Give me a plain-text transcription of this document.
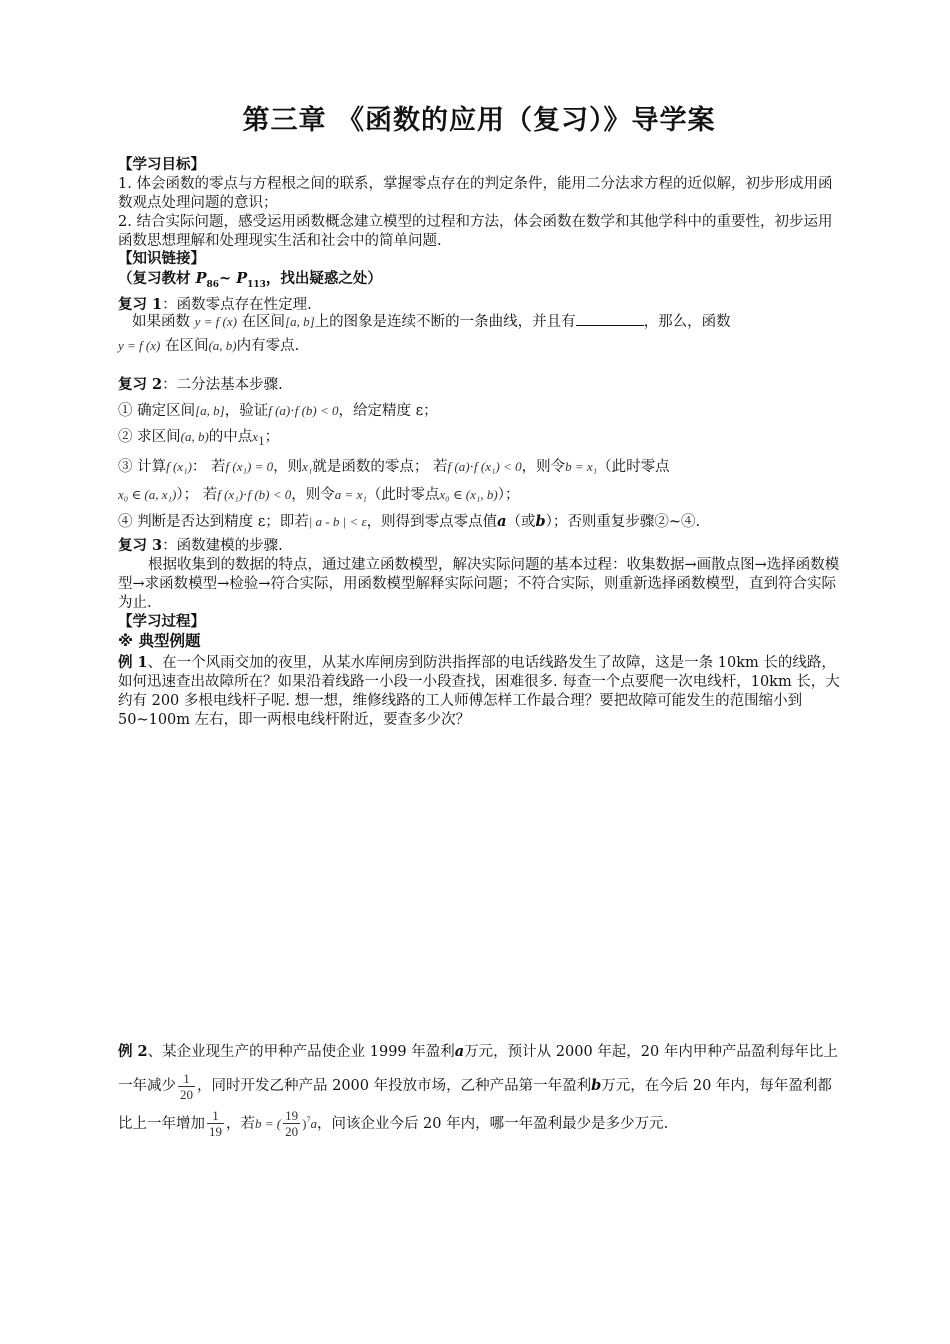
第三章 《函数的应用（复习）》导学案
【学习目标】
1. 体会函数的零点与方程根之间的联系，掌握零点存在的判定条件，能用二分法求方程的近似解，初步形成用函数观点处理问题的意识；
2. 结合实际问题，感受运用函数概念建立模型的过程和方法，体会函数在数学和其他学科中的重要性，初步运用函数思想理解和处理现实生活和社会中的简单问题.
【知识链接】
（复习教材 $P_{86}\sim$ $P_{113}$，找出疑惑之处）
复习 1：函数零点存在性定理.
如果函数 y = f (x) 在区间[a, b]上的图象是连续不断的一条曲线，并且有	，那么，函数
y = f (x) 在区间(a, b)内有零点.
复习 2：二分法基本步骤.
① 确定区间[a, b]，验证f (a)⋅f (b) < 0，给定精度 ε；
② 求区间(a, b)的中点$x_1$；
③ 计算f (x₁)： 若f (x₁) = 0，则x₁就是函数的零点； 若f (a)⋅f (x₁) < 0，则令b = x₁（此时零点
x₀ ∈ (a, x₁)）； 若f (x₁)⋅f (b) < 0，则令a = x₁（此时零点x₀ ∈ (x₁, b)）；
④ 判断是否达到精度 ε；即若| a - b | < ε，则得到零点零点值a（或b）；否则重复步骤②~④.
复习 3：函数建模的步骤.
根据收集到的数据的特点，通过建立函数模型，解决实际问题的基本过程：收集数据→画散点图→选择函数模型→求函数模型→检验→符合实际，用函数模型解释实际问题；不符合实际，则重新选择函数模型，直到符合实际为止.
【学习过程】
※ 典型例题
例 1、在一个风雨交加的夜里，从某水库闸房到防洪指挥部的电话线路发生了故障，这是一条 10km 长的线路，如何迅速查出故障所在？如果沿着线路一小段一小段查找，困难很多. 每查一个点要爬一次电线杆，10km 长，大约有 200 多根电线杆子呢. 想一想，维修线路的工人师傅怎样工作最合理？要把故障可能发生的范围缩小到 50~100m 左右，即一两根电线杆附近，要查多少次？
例 2、某企业现生产的甲种产品使企业 1999 年盈利a万元，预计从 2000 年起，20 年内甲种产品盈利每年比上一年减少 $\frac{1}{20}$ ，同时开发乙种产品 2000 年投放市场，乙种产品第一年盈利b万元，在今后 20 年内，每年盈利都比上一年增加 $\frac{1}{19}$ ，若b = ( $\frac{19}{20} )^7a$，问该企业今后 20 年内，哪一年盈利最少是多少万元.
